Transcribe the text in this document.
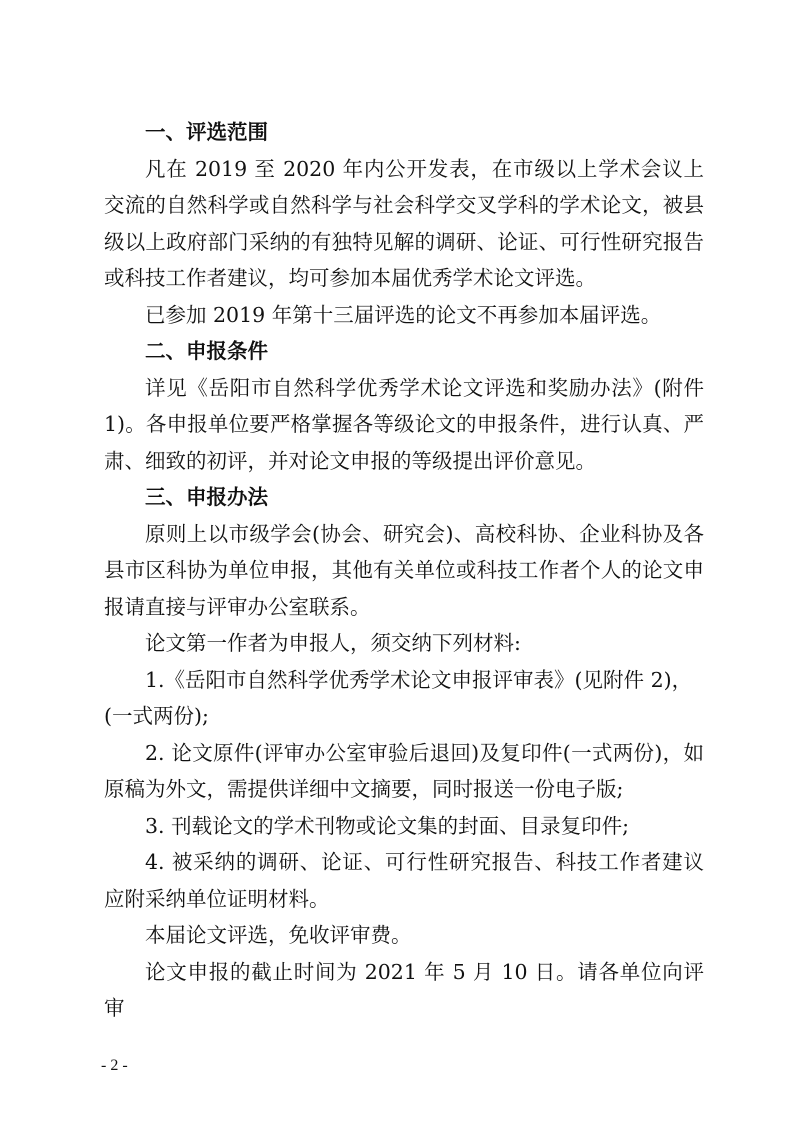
一、评选范围

凡在 2019 至 2020 年内公开发表，在市级以上学术会议上交流的自然科学或自然科学与社会科学交叉学科的学术论文，被县级以上政府部门采纳的有独特见解的调研、论证、可行性研究报告或科技工作者建议，均可参加本届优秀学术论文评选。

已参加 2019 年第十三届评选的论文不再参加本届评选。

二、申报条件

详见《岳阳市自然科学优秀学术论文评选和奖励办法》(附件1)。各申报单位要严格掌握各等级论文的申报条件，进行认真、严肃、细致的初评，并对论文申报的等级提出评价意见。

三、申报办法

原则上以市级学会(协会、研究会)、高校科协、企业科协及各县市区科协为单位申报，其他有关单位或科技工作者个人的论文申报请直接与评审办公室联系。

论文第一作者为申报人，须交纳下列材料:

1.《岳阳市自然科学优秀学术论文申报评审表》(见附件 2)，

(一式两份);

2. 论文原件(评审办公室审验后退回)及复印件(一式两份)，如原稿为外文，需提供详细中文摘要，同时报送一份电子版;

3. 刊载论文的学术刊物或论文集的封面、目录复印件;

4. 被采纳的调研、论证、可行性研究报告、科技工作者建议应附采纳单位证明材料。

本届论文评选，免收评审费。

论文申报的截止时间为 2021 年 5 月 10 日。请各单位向评审

- 2 -
